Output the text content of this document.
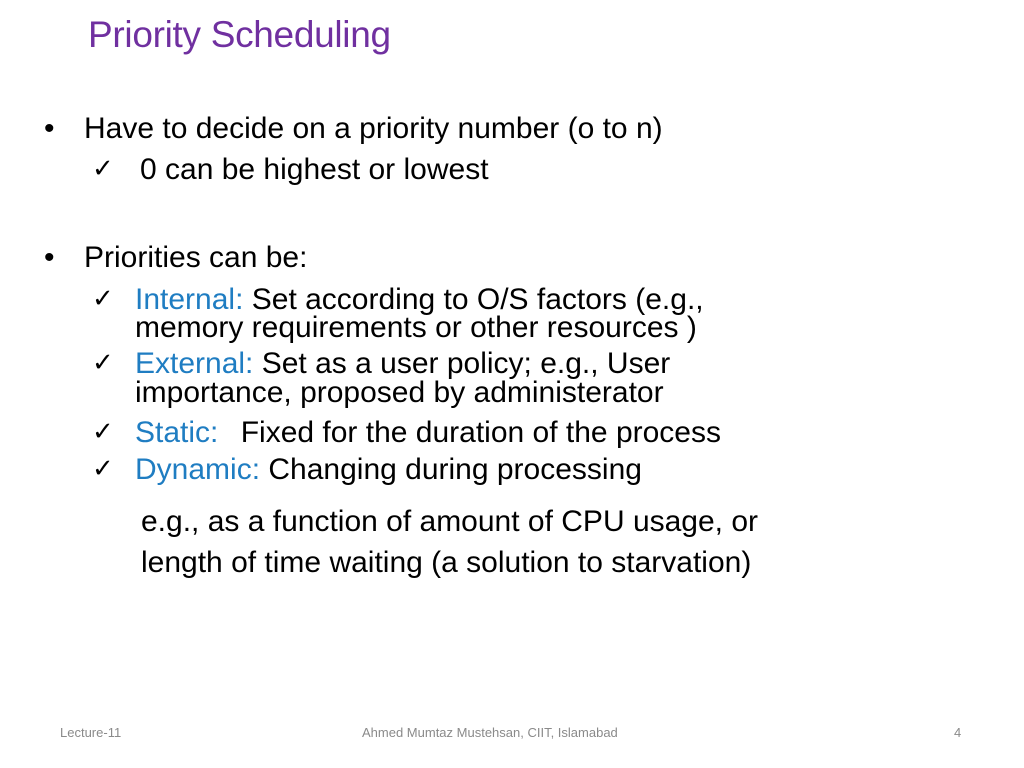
Priority Scheduling
• Have to decide on a priority number (o to n)
✓ 0 can be highest or lowest
• Priorities can be:
✓ Internal: Set according to O/S factors (e.g.,
memory requirements or other resources )
✓ External: Set as a user policy; e.g., User
importance, proposed by administerator
✓ Static: Fixed for the duration of the process
✓ Dynamic: Changing during processing
e.g., as a function of amount of CPU usage, or
length of time waiting (a solution to starvation)
Lecture-11	Ahmed Mumtaz Mustehsan, CIIT, Islamabad	4
